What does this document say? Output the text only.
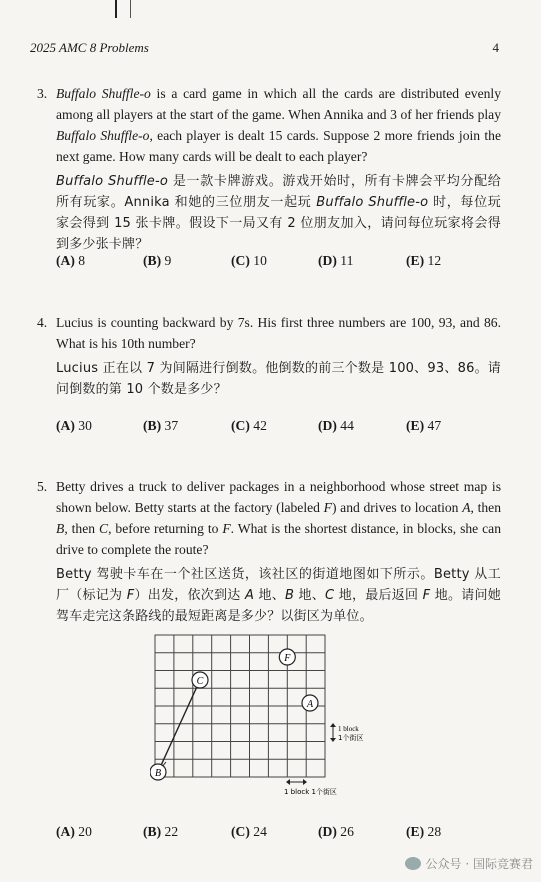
2025 AMC 8 Problems	4
3. Buffalo Shuffle-o is a card game in which all the cards are distributed evenly among all players at the start of the game. When Annika and 3 of her friends play Buffalo Shuffle-o, each player is dealt 15 cards. Suppose 2 more friends join the next game. How many cards will be dealt to each player?

Buffalo Shuffle-o 是一款卡牌游戏。游戏开始时，所有卡牌会平均分配给所有玩家。Annika 和她的三位朋友一起玩 Buffalo Shuffle-o 时，每位玩家会得到 15 张卡牌。假设下一局又有 2 位朋友加入，请问每位玩家将会得到多少张卡牌？

(A) 8	(B) 9	(C) 10	(D) 11	(E) 12
4. Lucius is counting backward by 7s. His first three numbers are 100, 93, and 86. What is his 10th number?

Lucius 正在以 7 为间隔进行倒数。他倒数的前三个数是 100、93、86。请问倒数的第 10 个数是多少？

(A) 30	(B) 37	(C) 42	(D) 44	(E) 47
5. Betty drives a truck to deliver packages in a neighborhood whose street map is shown below. Betty starts at the factory (labeled F) and drives to location A, then B, then C, before returning to F. What is the shortest distance, in blocks, she can drive to complete the route?

Betty 驾驶卡车在一个社区送货，该社区的街道地图如下所示。Betty 从工厂（标记为 F）出发，依次到达 A 地、B 地、C 地，最后返回 F 地。请问她驾车走完这条路线的最短距离是多少？以街区为单位。

F
A
C
B
1 block
1个街区
1 block 1个街区
(A) 20	(B) 22	(C) 24	(D) 26	(E) 28
公众号 · 国际竞赛君
